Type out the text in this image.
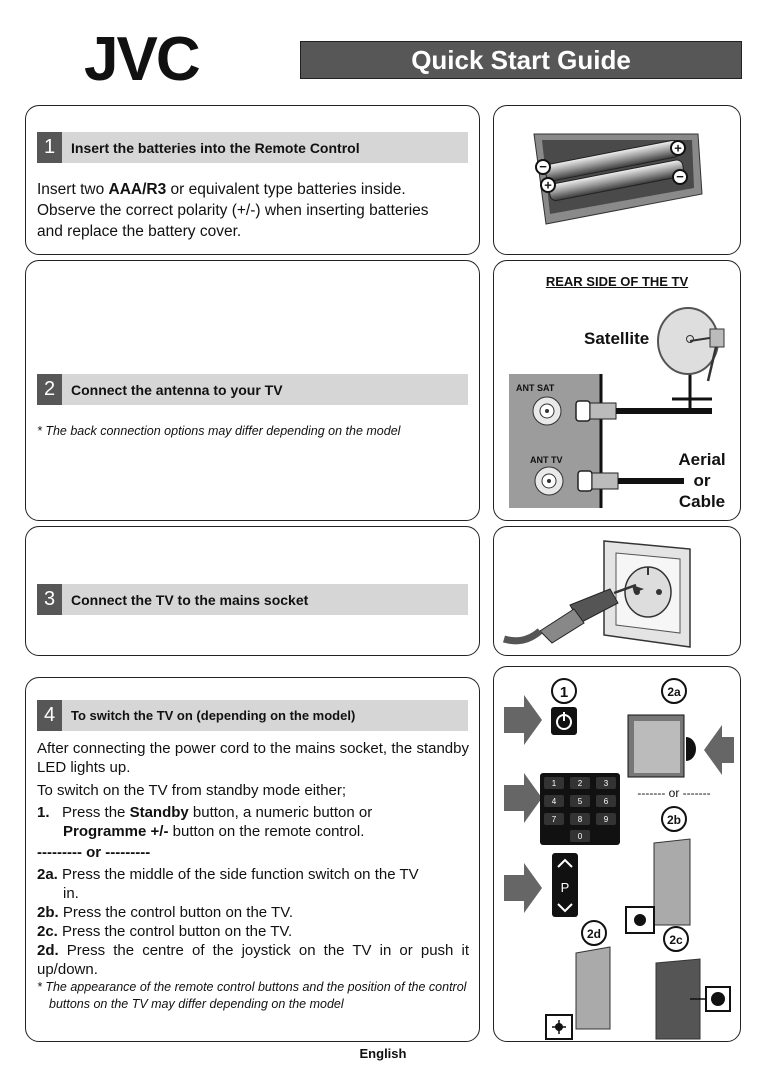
JVC	Quick Start Guide
1	Insert the batteries into the Remote Control
Insert two AAA/R3 or equivalent type batteries inside.
Observe the correct polarity (+/-) when inserting batteries
and replace the battery cover.
+
−
+
−
2	Connect the antenna to your TV
* The back connection options may differ depending on the model
REAR SIDE OF THE TV
ANT SAT
ANT TV
Satellite
Aerial
or
Cable
3	Connect the TV to the mains socket
4	To switch the TV on (depending on the model)

After connecting the power cord to the mains socket, the standby LED lights up.

To switch on the TV from standby mode either;

1. Press the Standby button, a numeric button or

Programme +/- button on the remote control.

--------- or ---------

2a. Press the middle of the side function switch on the TV

in.

2b. Press the control button on the TV.

2c. Press the control button on the TV.

2d. Press the centre of the joystick on the TV in or push it up/down.

* The appearance of the remote control buttons and the position of the control buttons on the TV may differ depending on the model
1	2a
1	2	3
4	5	6
7	8	9
0
------- or -------
2b
P
2d	2c
English
